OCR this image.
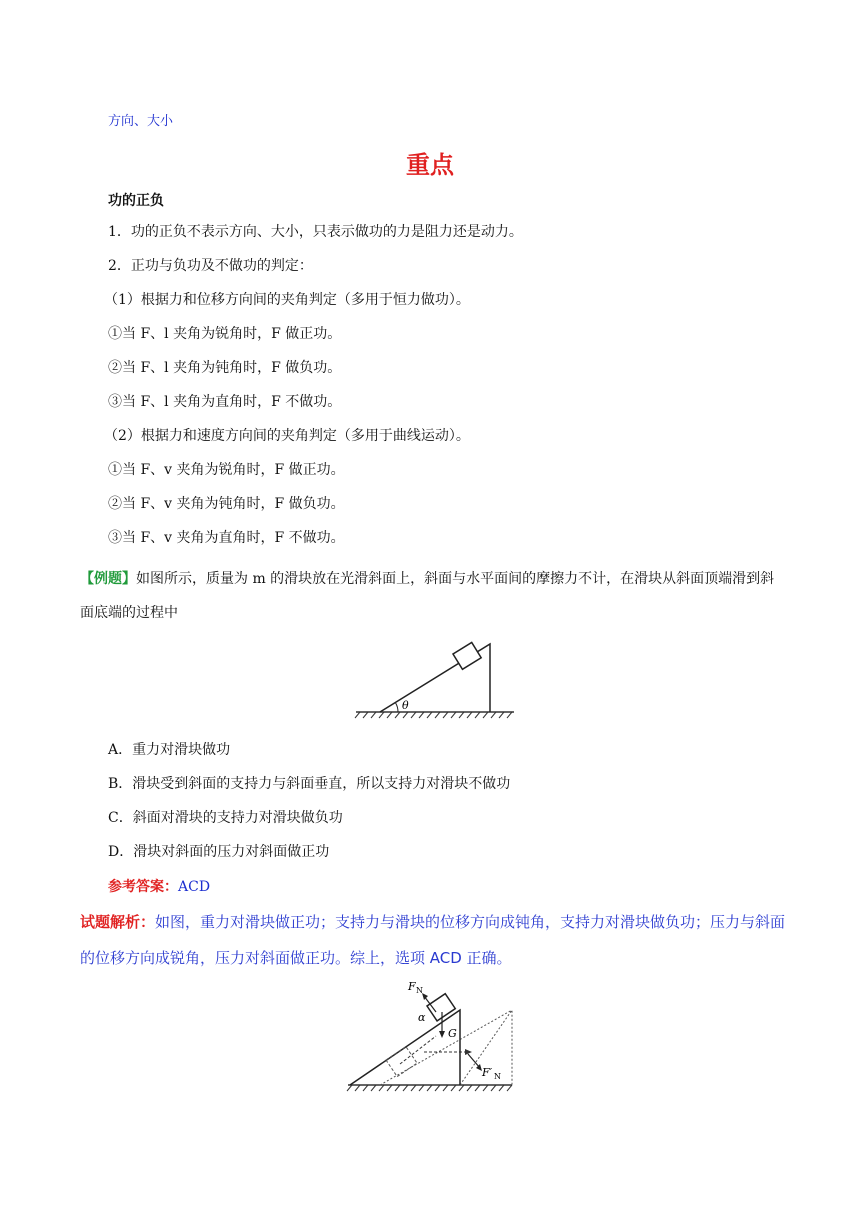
方向、大小
重点
功的正负
1．功的正负不表示方向、大小，只表示做功的力是阻力还是动力。
2．正功与负功及不做功的判定：
（1）根据力和位移方向间的夹角判定（多用于恒力做功）。
①当 F、l 夹角为锐角时，F 做正功。
②当 F、l 夹角为钝角时，F 做负功。
③当 F、l 夹角为直角时，F 不做功。
（2）根据力和速度方向间的夹角判定（多用于曲线运动）。
①当 F、v 夹角为锐角时，F 做正功。
②当 F、v 夹角为钝角时，F 做负功。
③当 F、v 夹角为直角时，F 不做功。
【例题】如图所示，质量为 m 的滑块放在光滑斜面上，斜面与水平面间的摩擦力不计，在滑块从斜面顶端滑到斜面底端的过程中
θ
A．重力对滑块做功
B．滑块受到斜面的支持力与斜面垂直，所以支持力对滑块不做功
C．斜面对滑块的支持力对滑块做负功
D．滑块对斜面的压力对斜面做正功
参考答案：ACD
试题解析：如图，重力对滑块做正功；支持力与滑块的位移方向成钝角，支持力对滑块做负功；压力与斜面的位移方向成锐角，压力对斜面做正功。综上，选项 ACD 正确。
F N
α
G
F′ N
